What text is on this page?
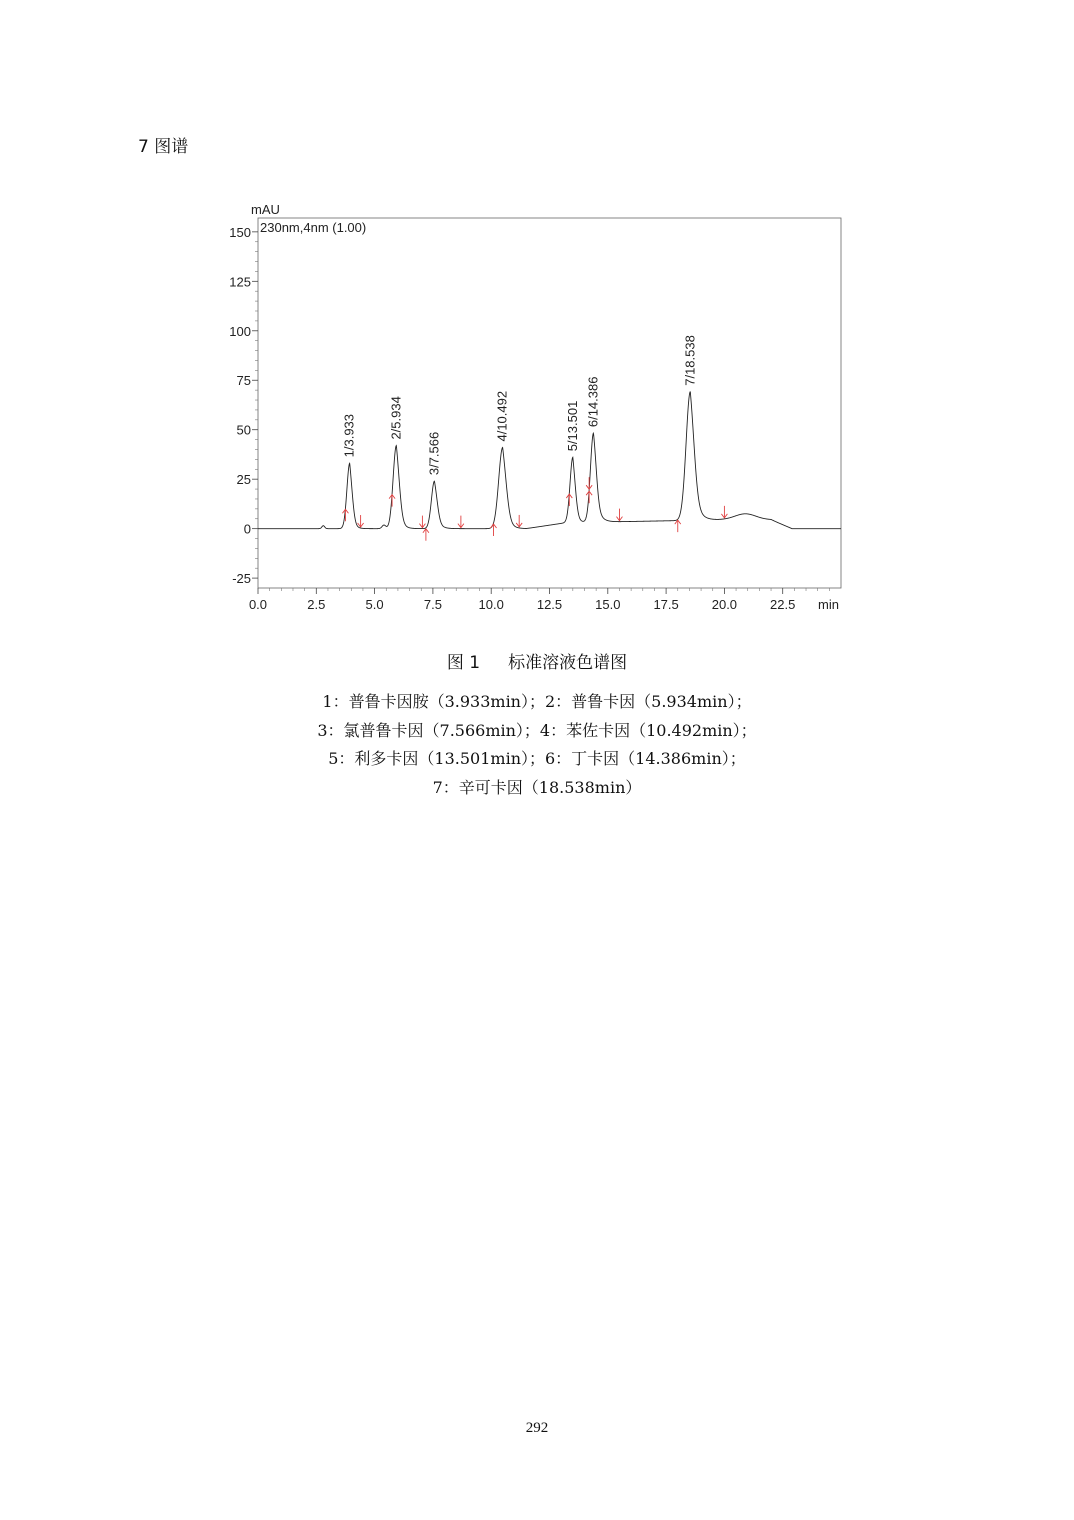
7 图谱
150
125
100
75
50
25
0
-25
0.0	2.5	5.0	7.5	10.0	12.5	15.0	17.5	20.0	22.5
mAU
min
230nm,4nm (1.00)
1/3.933 2/5.934
3/7.566
4/10.492	5/13.501 6/14.386
7/18.538
图 1 标准溶液色谱图
1：普鲁卡因胺（3.933min）；2：普鲁卡因（5.934min）；
3：氯普鲁卡因（7.566min）；4：苯佐卡因（10.492min）；
5：利多卡因（13.501min）；6：丁卡因（14.386min）；
7：辛可卡因（18.538min）
292
